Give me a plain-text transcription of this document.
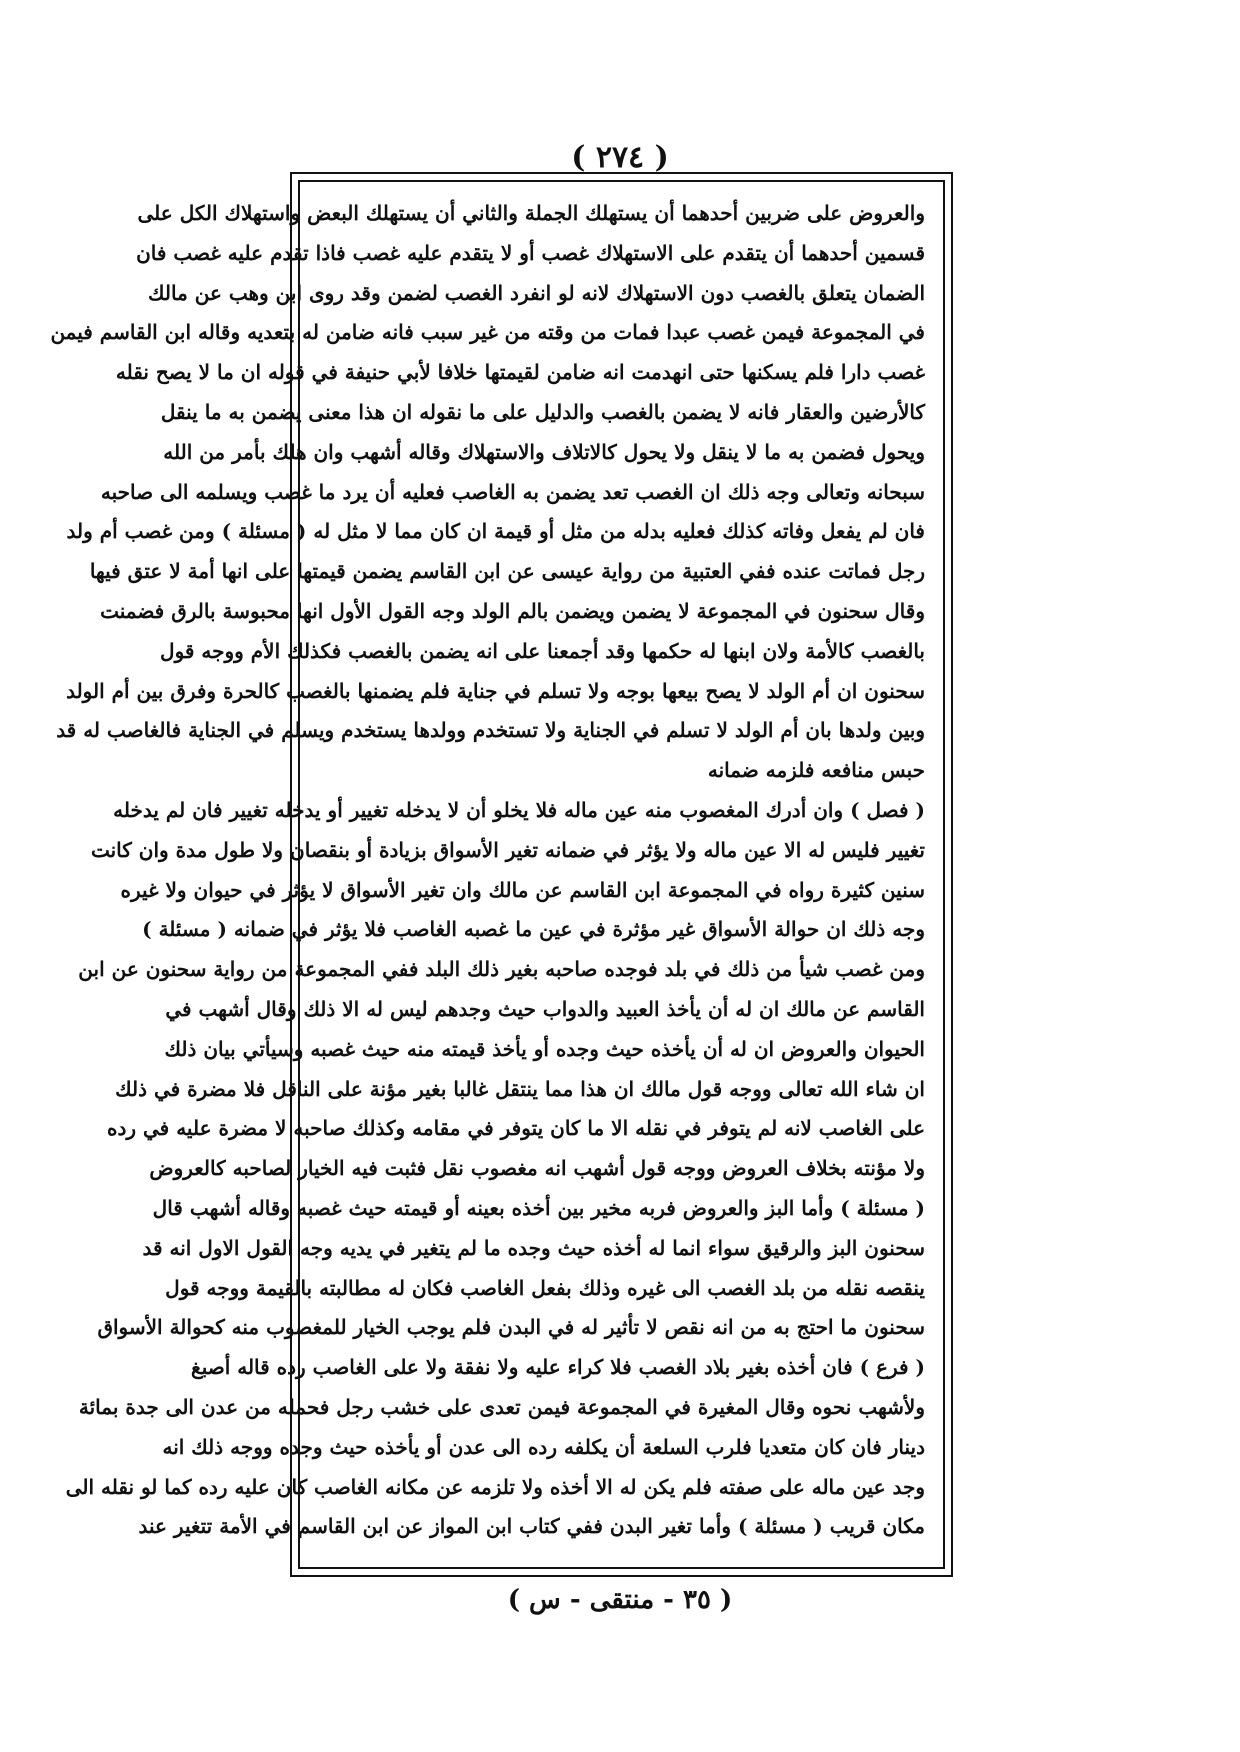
( ٢٧٤ )
والعروض على ضربين أحدهما أن يستهلك الجملة والثاني أن يستهلك البعض واستهلاك الكل على
قسمين أحدهما أن يتقدم على الاستهلاك غصب أو لا يتقدم عليه غصب فاذا تقدم عليه غصب فان
الضمان يتعلق بالغصب دون الاستهلاك لانه لو انفرد الغصب لضمن وقد روى ابن وهب عن مالك
في المجموعة فيمن غصب عبدا فمات من وقته من غير سبب فانه ضامن له بتعديه وقاله ابن القاسم فيمن
غصب دارا فلم يسكنها حتى انهدمت انه ضامن لقيمتها خلافا لأبي حنيفة في قوله ان ما لا يصح نقله
كالأرضين والعقار فانه لا يضمن بالغصب والدليل على ما نقوله ان هذا معنى يضمن به ما ينقل
ويحول فضمن به ما لا ينقل ولا يحول كالاتلاف والاستهلاك وقاله أشهب وان هلك بأمر من الله
سبحانه وتعالى وجه ذلك ان الغصب تعد يضمن به الغاصب فعليه أن يرد ما غصب ويسلمه الى صاحبه
فان لم يفعل وفاته كذلك فعليه بدله من مثل أو قيمة ان كان مما لا مثل له ( مسئلة ) ومن غصب أم ولد
رجل فماتت عنده ففي العتبية من رواية عيسى عن ابن القاسم يضمن قيمتها على انها أمة لا عتق فيها
وقال سحنون في المجموعة لا يضمن ويضمن بالم الولد وجه القول الأول انها محبوسة بالرق فضمنت
بالغصب كالأمة ولان ابنها له حكمها وقد أجمعنا على انه يضمن بالغصب فكذلك الأم ووجه قول
سحنون ان أم الولد لا يصح بيعها بوجه ولا تسلم في جناية فلم يضمنها بالغصب كالحرة وفرق بين أم الولد
وبين ولدها بان أم الولد لا تسلم في الجناية ولا تستخدم وولدها يستخدم ويسلم في الجناية فالغاصب له قد
حبس منافعه فلزمه ضمانه
( فصل ) وان أدرك المغصوب منه عين ماله فلا يخلو أن لا يدخله تغيير أو يدخله تغيير فان لم يدخله
تغيير فليس له الا عين ماله ولا يؤثر في ضمانه تغير الأسواق بزيادة أو بنقصان ولا طول مدة وان كانت
سنين كثيرة رواه في المجموعة ابن القاسم عن مالك وان تغير الأسواق لا يؤثر في حيوان ولا غيره
وجه ذلك ان حوالة الأسواق غير مؤثرة في عين ما غصبه الغاصب فلا يؤثر في ضمانه ( مسئلة )
ومن غصب شيأ من ذلك في بلد فوجده صاحبه بغير ذلك البلد ففي المجموعة من رواية سحنون عن ابن
القاسم عن مالك ان له أن يأخذ العبيد والدواب حيث وجدهم ليس له الا ذلك وقال أشهب في
الحيوان والعروض ان له أن يأخذه حيث وجده أو يأخذ قيمته منه حيث غصبه وسيأتي بيان ذلك
ان شاء الله تعالى ووجه قول مالك ان هذا مما ينتقل غالبا بغير مؤنة على الناقل فلا مضرة في ذلك
على الغاصب لانه لم يتوفر في نقله الا ما كان يتوفر في مقامه وكذلك صاحبه لا مضرة عليه في رده
ولا مؤنته بخلاف العروض ووجه قول أشهب انه مغصوب نقل فثبت فيه الخيار لصاحبه كالعروض
( مسئلة ) وأما البز والعروض فربه مخير بين أخذه بعينه أو قيمته حيث غصبه وقاله أشهب قال
سحنون البز والرقيق سواء انما له أخذه حيث وجده ما لم يتغير في يديه وجه القول الاول انه قد
ينقصه نقله من بلد الغصب الى غيره وذلك بفعل الغاصب فكان له مطالبته بالقيمة ووجه قول
سحنون ما احتج به من انه نقص لا تأثير له في البدن فلم يوجب الخيار للمغصوب منه كحوالة الأسواق
( فرع ) فان أخذه بغير بلاد الغصب فلا كراء عليه ولا نفقة ولا على الغاصب رده قاله أصبغ
ولأشهب نحوه وقال المغيرة في المجموعة فيمن تعدى على خشب رجل فحمله من عدن الى جدة بمائة
دينار فان كان متعديا فلرب السلعة أن يكلفه رده الى عدن أو يأخذه حيث وجده ووجه ذلك انه
وجد عين ماله على صفته فلم يكن له الا أخذه ولا تلزمه عن مكانه الغاصب كان عليه رده كما لو نقله الى
مكان قريب ( مسئلة ) وأما تغير البدن ففي كتاب ابن المواز عن ابن القاسم في الأمة تتغير عند
( ٣٥ - منتقى - س )
